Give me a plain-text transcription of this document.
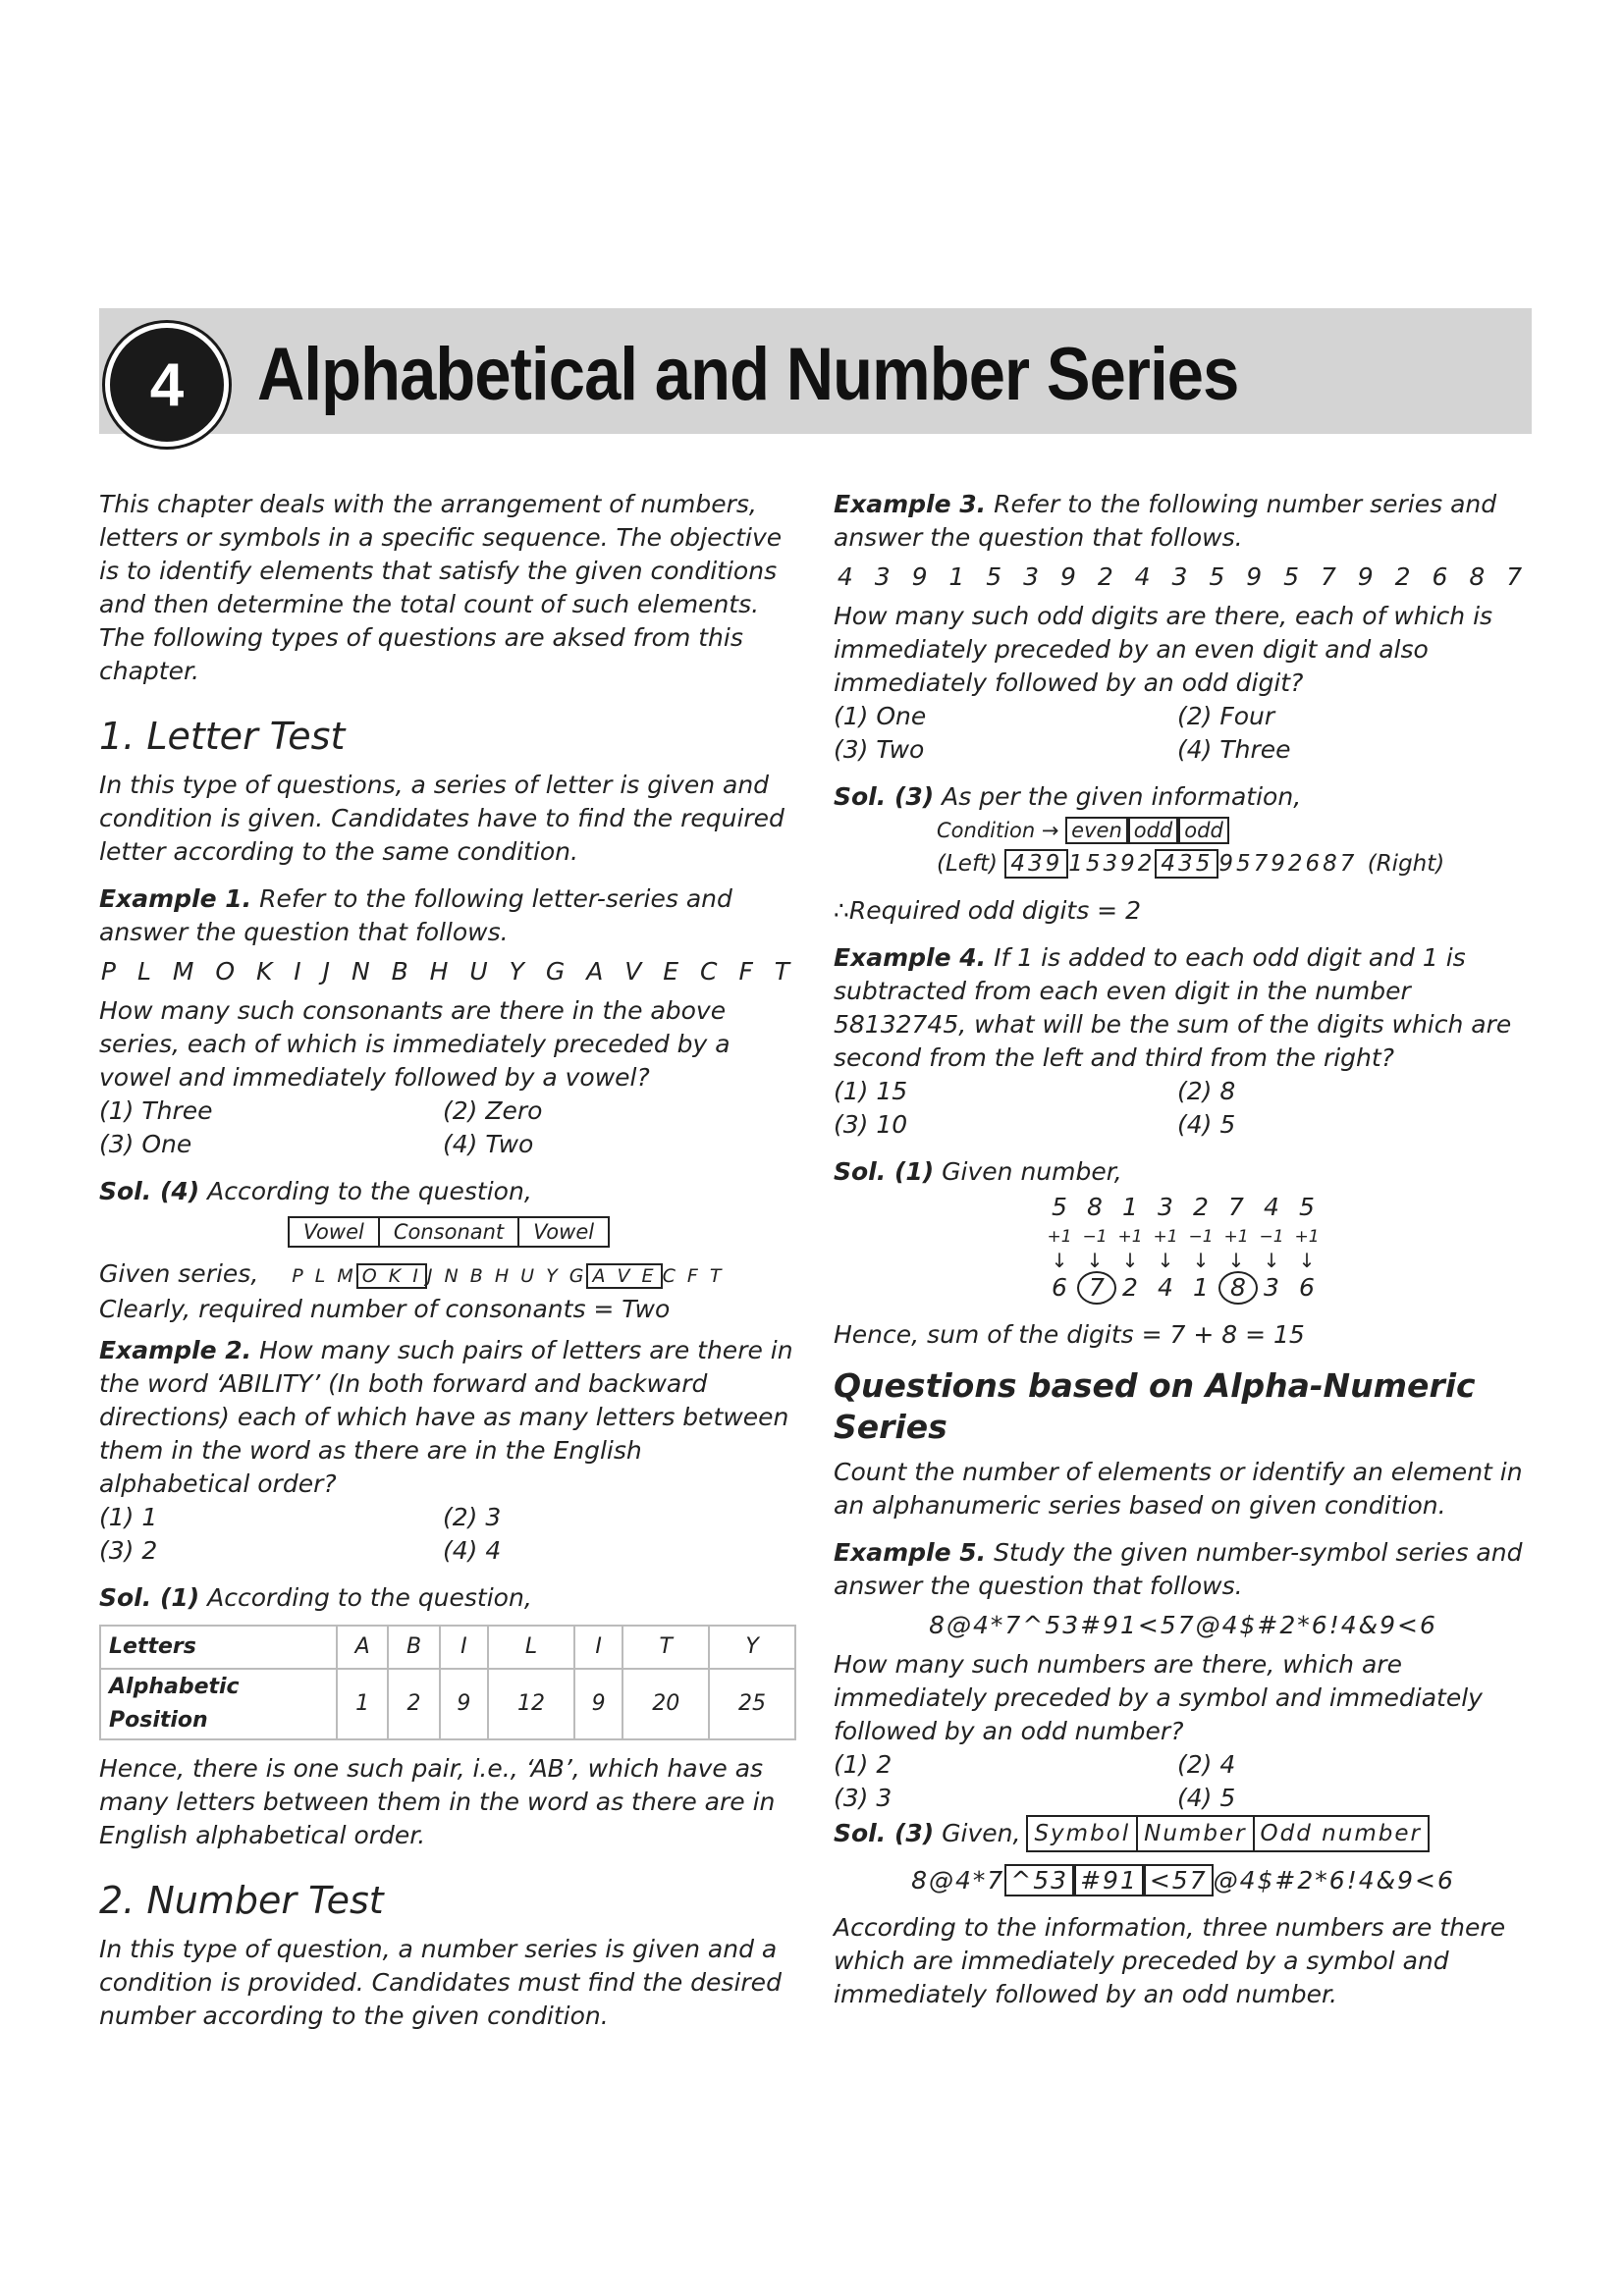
4 Alphabetical and Number Series

This chapter deals with the arrangement of numbers, letters or symbols in a specific sequence. The objective is to identify elements that satisfy the given conditions and then determine the total count of such elements. The following types of questions are aksed from this chapter.

1. Letter Test

In this type of questions, a series of letter is given and condition is given. Candidates have to find the required letter according to the same condition.

Example 1. Refer to the following letter-series and answer the question that follows.

P L M O K I J N B H U Y G A V E C F T

How many such consonants are there in the above series, each of which is immediately preceded by a vowel and immediately followed by a vowel?

(1) Three	(2) Zero
(3) One	(4) Two

Sol. (4) According to the question,

Vowel	Consonant	Vowel

Given series, P L M O K I J N B H U Y G A V E C F T

Clearly, required number of consonants = Two

Example 2. How many such pairs of letters are there in the word ‘ABILITY’ (In both forward and backward directions) each of which have as many letters between them in the word as there are in the English alphabetical order?

(1) 1	(2) 3
(3) 2	(4) 4

Sol. (1) According to the question,

Letters	A	B	I	L	I	T	Y
Alphabetic Position	1	2	9	12	9	20	25

Hence, there is one such pair, i.e., ‘AB’, which have as many letters between them in the word as there are in English alphabetical order.

2. Number Test

In this type of question, a number series is given and a condition is provided. Candidates must find the desired number according to the given condition.

Example 3. Refer to the following number series and answer the question that follows.

4 3 9 1 5 3 9 2 4 3 5 9 5 7 9 2 6 8 7

How many such odd digits are there, each of which is immediately preceded by an even digit and also immediately followed by an odd digit?

(1) One	(2) Four
(3) Two	(4) Three

Sol. (3) As per the given information,

Condition → even odd odd

(Left) 439 15392 435 95792687 (Right)

∴Required odd digits = 2

Example 4. If 1 is added to each odd digit and 1 is subtracted from each even digit in the number 58132745, what will be the sum of the digits which are second from the left and third from the right?

(1) 15	(2) 8
(3) 10	(4) 5

Sol. (1) Given number,

5 8 1 3 2 7 4 5
+1 −1 +1 +1 −1 +1 −1 +1
↓ ↓ ↓ ↓ ↓ ↓ ↓ ↓
6 7 2 4 1 8 3 6

Hence, sum of the digits = 7 + 8 = 15

Questions based on Alpha-Numeric Series

Count the number of elements or identify an element in an alphanumeric series based on given condition.

Example 5. Study the given number-symbol series and answer the question that follows.

8@4*7^53#91<57@4$#2*6!4&9<6

How many such numbers are there, which are immediately preceded by a symbol and immediately followed by an odd number?

(1) 2	(2) 4
(3) 3	(4) 5

Sol. (3)
Given, Symbol Number Odd number

8@4*7 ^53 #91 <57 @4$#2*6!4&9<6

According to the information, three numbers are there which are immediately preceded by a symbol and immediately followed by an odd number.
